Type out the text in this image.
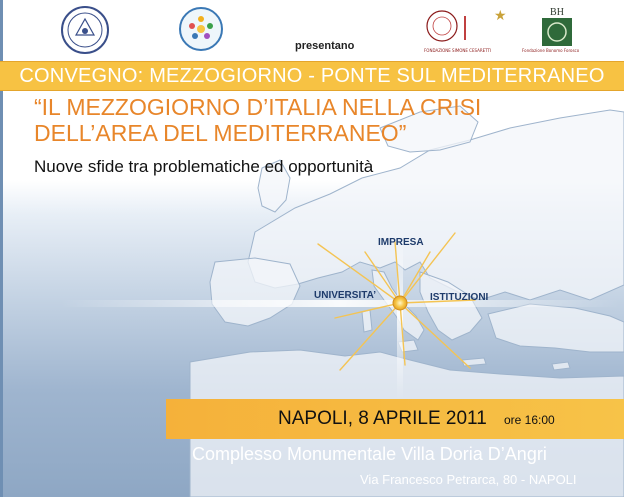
★
FONDAZIONE SIMONE CESARETTI
BH
Fondazione Bonomo Forosco
presentano
CONVEGNO: MEZZOGIORNO - PONTE SUL MEDITERRANEO
“IL MEZZOGIORNO D’ITALIA NELLA CRISI
DELL’AREA DEL MEDITERRANEO”
Nuove sfide tra problematiche ed opportunità
IMPRESA
UNIVERSITA’	ISTITUZIONI
NAPOLI, 8 APRILE 2011 ore 16:00
Complesso Monumentale Villa Doria D’Angri
Via Francesco Petrarca, 80 - NAPOLI
